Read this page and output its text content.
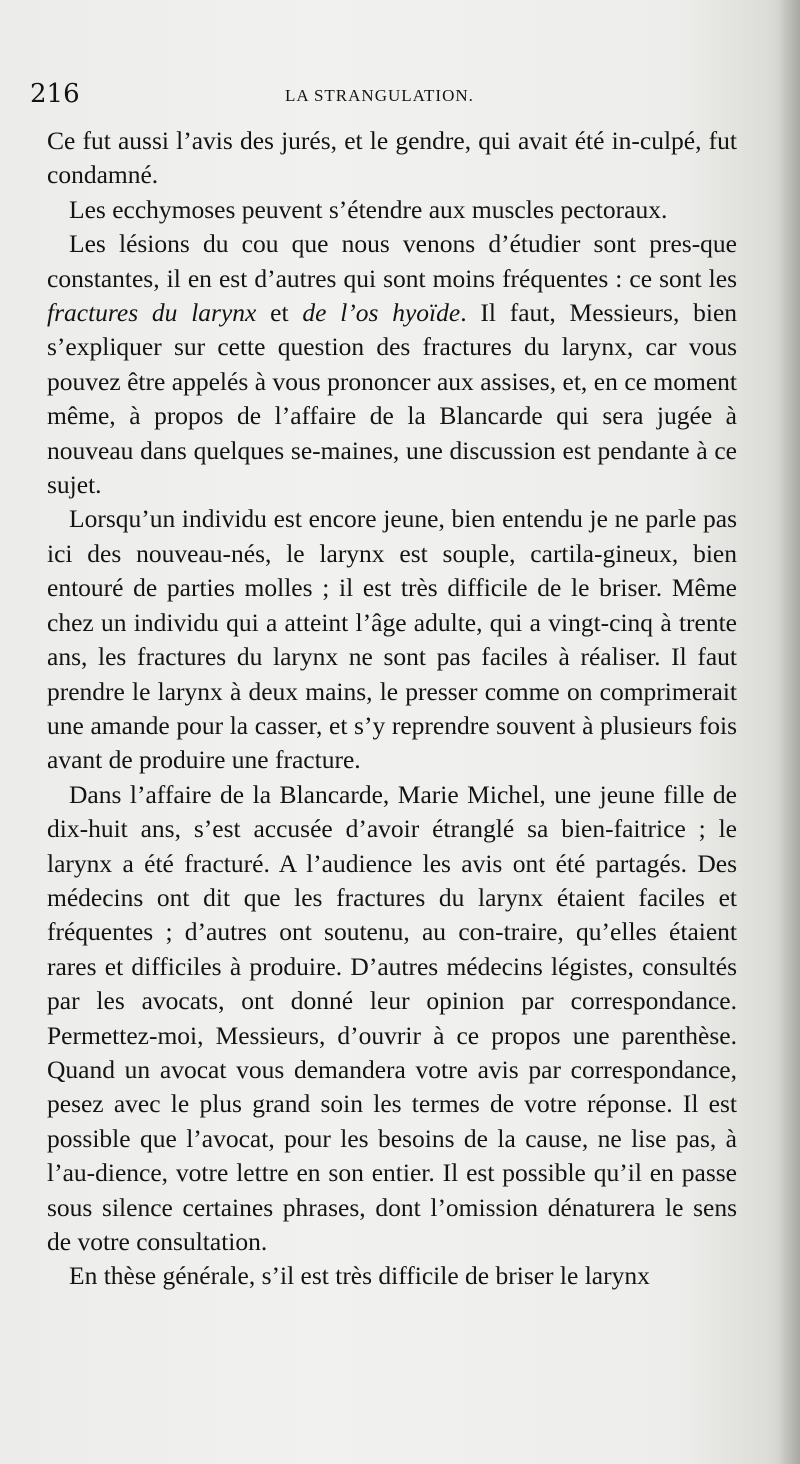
216	LA STRANGULATION.

Ce fut aussi l’avis des jurés, et le gendre, qui avait été in-culpé, fut condamné.

Les ecchymoses peuvent s’étendre aux muscles pectoraux.

Les lésions du cou que nous venons d’étudier sont pres-que constantes, il en est d’autres qui sont moins fréquentes : ce sont les fractures du larynx et de l’os hyoïde. Il faut, Messieurs, bien s’expliquer sur cette question des fractures du larynx, car vous pouvez être appelés à vous prononcer aux assises, et, en ce moment même, à propos de l’affaire de la Blancarde qui sera jugée à nouveau dans quelques se-maines, une discussion est pendante à ce sujet.

Lorsqu’un individu est encore jeune, bien entendu je ne parle pas ici des nouveau-nés, le larynx est souple, cartila-gineux, bien entouré de parties molles ; il est très difficile de le briser. Même chez un individu qui a atteint l’âge adulte, qui a vingt-cinq à trente ans, les fractures du larynx ne sont pas faciles à réaliser. Il faut prendre le larynx à deux mains, le presser comme on comprimerait une amande pour la casser, et s’y reprendre souvent à plusieurs fois avant de produire une fracture.

Dans l’affaire de la Blancarde, Marie Michel, une jeune fille de dix-huit ans, s’est accusée d’avoir étranglé sa bien-faitrice ; le larynx a été fracturé. A l’audience les avis ont été partagés. Des médecins ont dit que les fractures du larynx étaient faciles et fréquentes ; d’autres ont soutenu, au con-traire, qu’elles étaient rares et difficiles à produire. D’autres médecins légistes, consultés par les avocats, ont donné leur opinion par correspondance. Permettez-moi, Messieurs, d’ouvrir à ce propos une parenthèse. Quand un avocat vous demandera votre avis par correspondance, pesez avec le plus grand soin les termes de votre réponse. Il est possible que l’avocat, pour les besoins de la cause, ne lise pas, à l’au-dience, votre lettre en son entier. Il est possible qu’il en passe sous silence certaines phrases, dont l’omission dénaturera le sens de votre consultation.

En thèse générale, s’il est très difficile de briser le larynx
